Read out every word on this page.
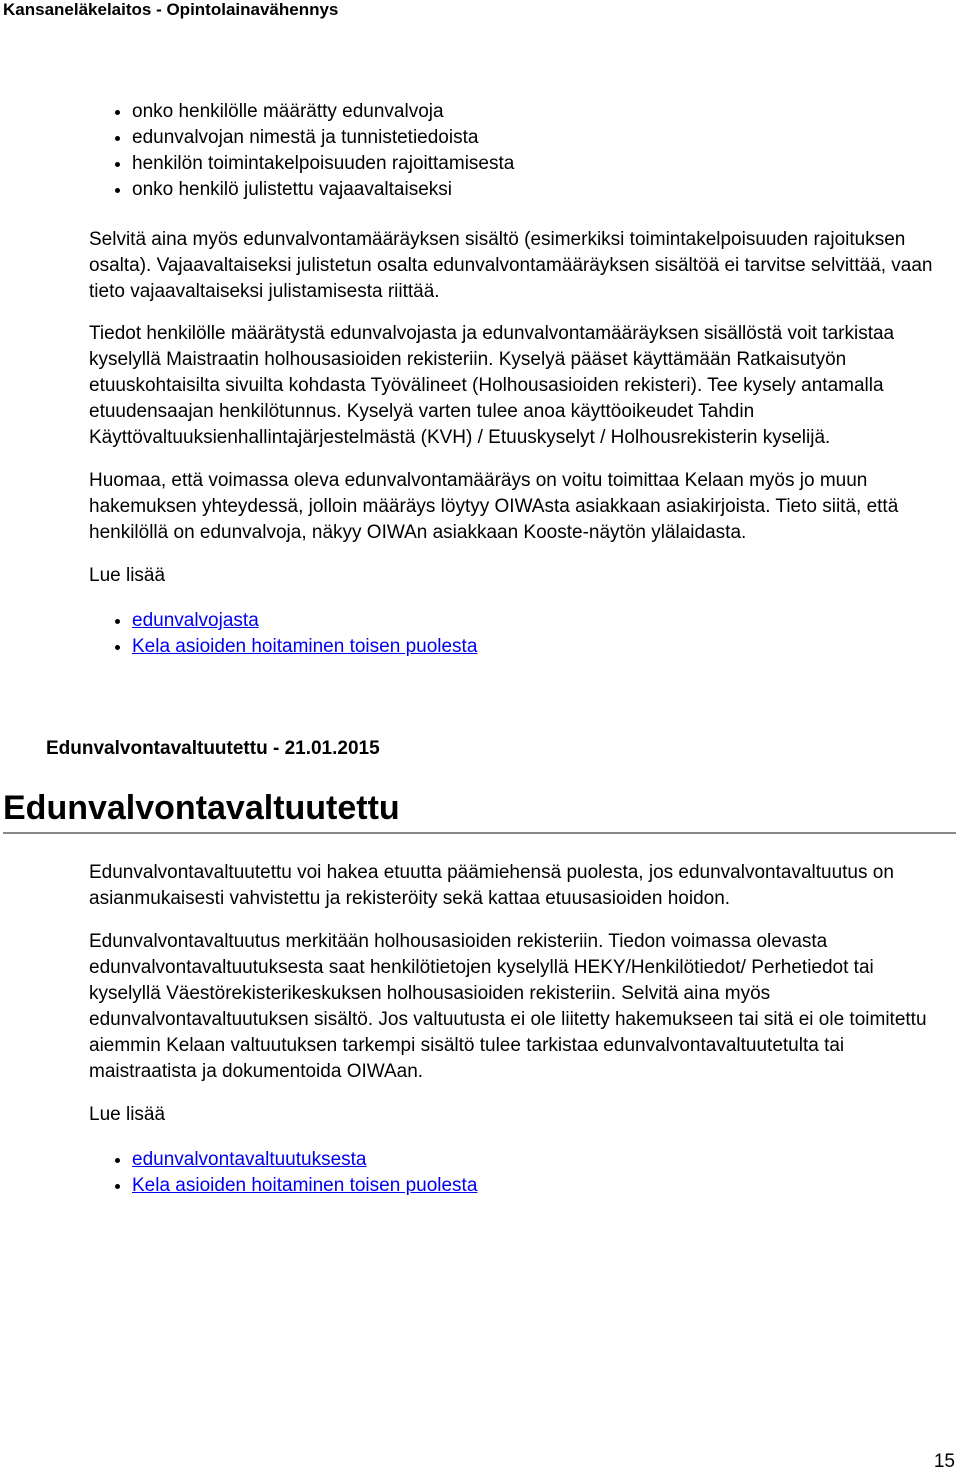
Kansaneläkelaitos - Opintolainavähennys
• onko henkilölle määrätty edunvalvoja
• edunvalvojan nimestä ja tunnistetiedoista
• henkilön toimintakelpoisuuden rajoittamisesta
• onko henkilö julistettu vajaavaltaiseksi

Selvitä aina myös edunvalvontamääräyksen sisältö (esimerkiksi toimintakelpoisuuden rajoituksen osalta). Vajaavaltaiseksi julistetun osalta edunvalvontamääräyksen sisältöä ei tarvitse selvittää, vaan tieto vajaavaltaiseksi julistamisesta riittää.

Tiedot henkilölle määrätystä edunvalvojasta ja edunvalvontamääräyksen sisällöstä voit tarkistaa kyselyllä Maistraatin holhousasioiden rekisteriin. Kyselyä pääset käyttämään Ratkaisutyön etuuskohtaisilta sivuilta kohdasta Työvälineet (Holhousasioiden rekisteri). Tee kysely antamalla etuudensaajan henkilötunnus. Kyselyä varten tulee anoa käyttöoikeudet Tahdin Käyttövaltuuksienhallintajärjestelmästä (KVH) / Etuuskyselyt / Holhousrekisterin kyselijä.

Huomaa, että voimassa oleva edunvalvontamääräys on voitu toimittaa Kelaan myös jo muun hakemuksen yhteydessä, jolloin määräys löytyy OIWAsta asiakkaan asiakirjoista. Tieto siitä, että henkilöllä on edunvalvoja, näkyy OIWAn asiakkaan Kooste-näytön ylälaidasta.

Lue lisää

• edunvalvojasta
• Kela asioiden hoitaminen toisen puolesta
Edunvalvontavaltuutettu - 21.01.2015
Edunvalvontavaltuutettu

Edunvalvontavaltuutettu voi hakea etuutta päämiehensä puolesta, jos edunvalvontavaltuutus on asianmukaisesti vahvistettu ja rekisteröity sekä kattaa etuusasioiden hoidon.

Edunvalvontavaltuutus merkitään holhousasioiden rekisteriin. Tiedon voimassa olevasta edunvalvontavaltuutuksesta saat henkilötietojen kyselyllä HEKY/Henkilötiedot/ Perhetiedot tai kyselyllä Väestörekisterikeskuksen holhousasioiden rekisteriin. Selvitä aina myös edunvalvontavaltuutuksen sisältö. Jos valtuutusta ei ole liitetty hakemukseen tai sitä ei ole toimitettu aiemmin Kelaan valtuutuksen tarkempi sisältö tulee tarkistaa edunvalvontavaltuutetulta tai maistraatista ja dokumentoida OIWAan.

Lue lisää

• edunvalvontavaltuutuksesta
• Kela asioiden hoitaminen toisen puolesta
15
